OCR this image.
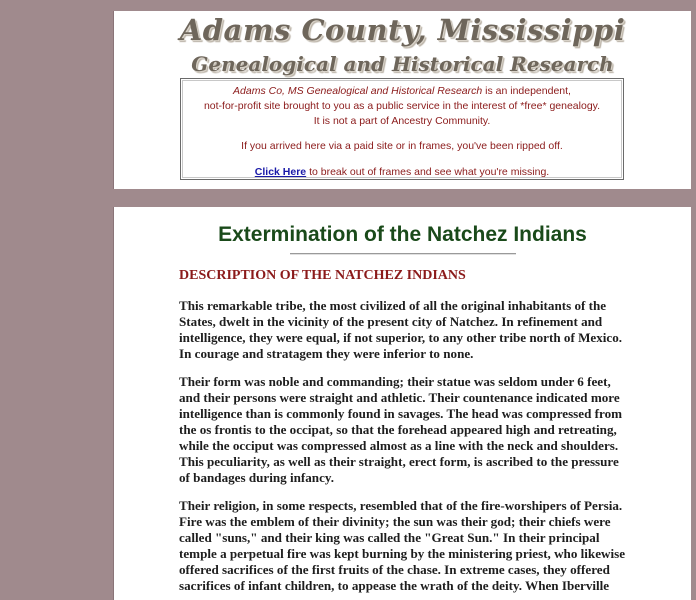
Adams County, Mississippi
Genealogical and Historical Research

Adams Co, MS Genealogical and Historical Research is an independent,

not-for-profit site brought to you as a public service in the interest of *free* genealogy.

It is not a part of Ancestry Community.

If you arrived here via a paid site or in frames, you've been ripped off.

Click Here to break out of frames and see what you're missing.

Extermination of the Natchez Indians
DESCRIPTION OF THE NATCHEZ INDIANS

This remarkable tribe, the most civilized of all the original inhabitants of the States, dwelt in the vicinity of the present city of Natchez. In refinement and intelligence, they were equal, if not superior, to any other tribe north of Mexico. In courage and stratagem they were inferior to none.

Their form was noble and commanding; their statue was seldom under 6 feet, and their persons were straight and athletic. Their countenance indicated more intelligence than is commonly found in savages. The head was compressed from the os frontis to the occipat, so that the forehead appeared high and retreating, while the occiput was compressed almost as a line with the neck and shoulders. This peculiarity, as well as their straight, erect form, is ascribed to the pressure of bandages during infancy.

Their religion, in some respects, resembled that of the fire-worshipers of Persia. Fire was the emblem of their divinity; the sun was their god; their chiefs were called "suns," and their king was called the "Great Sun." In their principal temple a perpetual fire was kept burning by the ministering priest, who likewise offered sacrifices of the first fruits of the chase. In extreme cases, they offered sacrifices of infant children, to appease the wrath of the deity. When Iberville
